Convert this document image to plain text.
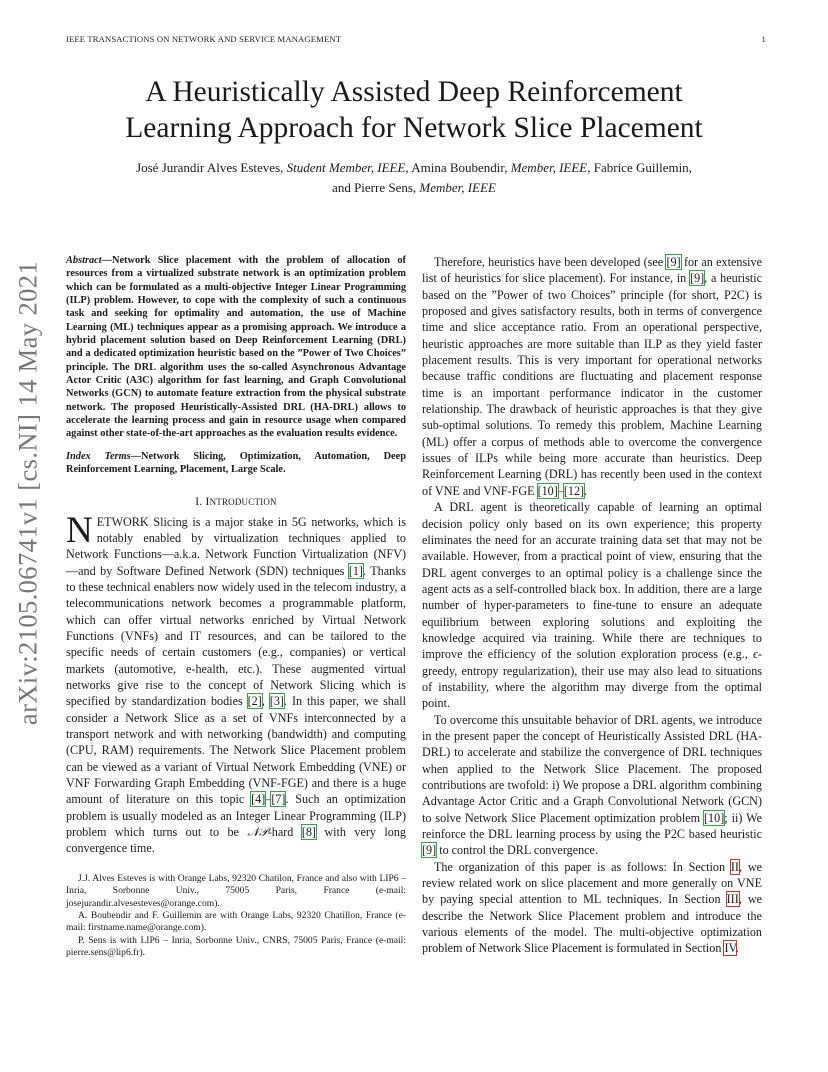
IEEE TRANSACTIONS ON NETWORK AND SERVICE MANAGEMENT	1
arXiv:2105.06741v1 [cs.NI] 14 May 2021
A Heuristically Assisted Deep Reinforcement
Learning Approach for Network Slice Placement
José Jurandir Alves Esteves, Student Member, IEEE, Amina Boubendir, Member, IEEE, Fabrice Guillemin,
and Pierre Sens, Member, IEEE

Abstract—Network Slice placement with the problem of allocation of resources from a virtualized substrate network is an optimization problem which can be formulated as a multi-objective Integer Linear Programming (ILP) problem. However, to cope with the complexity of such a continuous task and seeking for optimality and automation, the use of Machine Learning (ML) techniques appear as a promising approach. We introduce a hybrid placement solution based on Deep Reinforcement Learning (DRL) and a dedicated optimization heuristic based on the ”Power of Two Choices” principle. The DRL algorithm uses the so-called Asynchronous Advantage Actor Critic (A3C) algorithm for fast learning, and Graph Convolutional Networks (GCN) to automate feature extraction from the physical substrate network. The proposed Heuristically-Assisted DRL (HA-DRL) allows to accelerate the learning process and gain in resource usage when compared against other state-of-the-art approaches as the evaluation results evidence.

Index Terms—Network Slicing, Optimization, Automation, Deep Reinforcement Learning, Placement, Large Scale.

I. INTRODUCTION

NETWORK Slicing is a major stake in 5G networks, which is notably enabled by virtualization techniques applied to Network Functions—a.k.a. Network Function Virtualization (NFV)—and by Software Defined Network (SDN) techniques [1]. Thanks to these technical enablers now widely used in the telecom industry, a telecommunications network becomes a programmable platform, which can offer virtual networks enriched by Virtual Network Functions (VNFs) and IT resources, and can be tailored to the specific needs of certain customers (e.g., companies) or vertical markets (automotive, e-health, etc.). These augmented virtual networks give rise to the concept of Network Slicing which is specified by standardization bodies [2], [3]. In this paper, we shall consider a Network Slice as a set of VNFs interconnected by a transport network and with networking (bandwidth) and computing (CPU, RAM) requirements. The Network Slice Placement problem can be viewed as a variant of Virtual Network Embedding (VNE) or VNF Forwarding Graph Embedding (VNF-FGE) and there is a huge amount of literature on this topic [4]–[7]. Such an optimization problem is usually modeled as an Integer Linear Programming (ILP) problem which turns out to be 𝒩𝒫-hard [8] with very long convergence time.

J.J. Alves Esteves is with Orange Labs, 92320 Chatilon, France and also with LIP6 – Inria, Sorbonne Univ., 75005 Paris, France (e-mail: josejurandir.alvesesteves@orange.com).

A. Boubendir and F. Guillemin are with Orange Labs, 92320 Chatillon, France (e-mail: firstname.name@orange.com).

P. Sens is with LIP6 – Inria, Sorbonne Univ., CNRS, 75005 Paris, France (e-mail: pierre.sens@lip6.fr).

Therefore, heuristics have been developed (see [9] for an extensive list of heuristics for slice placement). For instance, in [9], a heuristic based on the ”Power of two Choices” principle (for short, P2C) is proposed and gives satisfactory results, both in terms of convergence time and slice acceptance ratio. From an operational perspective, heuristic approaches are more suitable than ILP as they yield faster placement results. This is very important for operational networks because traffic conditions are fluctuating and placement response time is an important performance indicator in the customer relationship. The drawback of heuristic approaches is that they give sub-optimal solutions. To remedy this problem, Machine Learning (ML) offer a corpus of methods able to overcome the convergence issues of ILPs while being more accurate than heuristics. Deep Reinforcement Learning (DRL) has recently been used in the context of VNE and VNF-FGE [10]–[12].

A DRL agent is theoretically capable of learning an optimal decision policy only based on its own experience; this property eliminates the need for an accurate training data set that may not be available. However, from a practical point of view, ensuring that the DRL agent converges to an optimal policy is a challenge since the agent acts as a self-controlled black box. In addition, there are a large number of hyper-parameters to fine-tune to ensure an adequate equilibrium between exploring solutions and exploiting the knowledge acquired via training. While there are techniques to improve the efficiency of the solution exploration process (e.g., ϵ-greedy, entropy regularization), their use may also lead to situations of instability, where the algorithm may diverge from the optimal point.

To overcome this unsuitable behavior of DRL agents, we introduce in the present paper the concept of Heuristically Assisted DRL (HA-DRL) to accelerate and stabilize the convergence of DRL techniques when applied to the Network Slice Placement. The proposed contributions are twofold: i) We propose a DRL algorithm combining Advantage Actor Critic and a Graph Convolutional Network (GCN) to solve Network Slice Placement optimization problem [10]; ii) We reinforce the DRL learning process by using the P2C based heuristic [9] to control the DRL convergence.

The organization of this paper is as follows: In Section II, we review related work on slice placement and more generally on VNE by paying special attention to ML techniques. In Section III, we describe the Network Slice Placement problem and introduce the various elements of the model. The multi-objective optimization problem of Network Slice Placement is formulated in Section IV.
